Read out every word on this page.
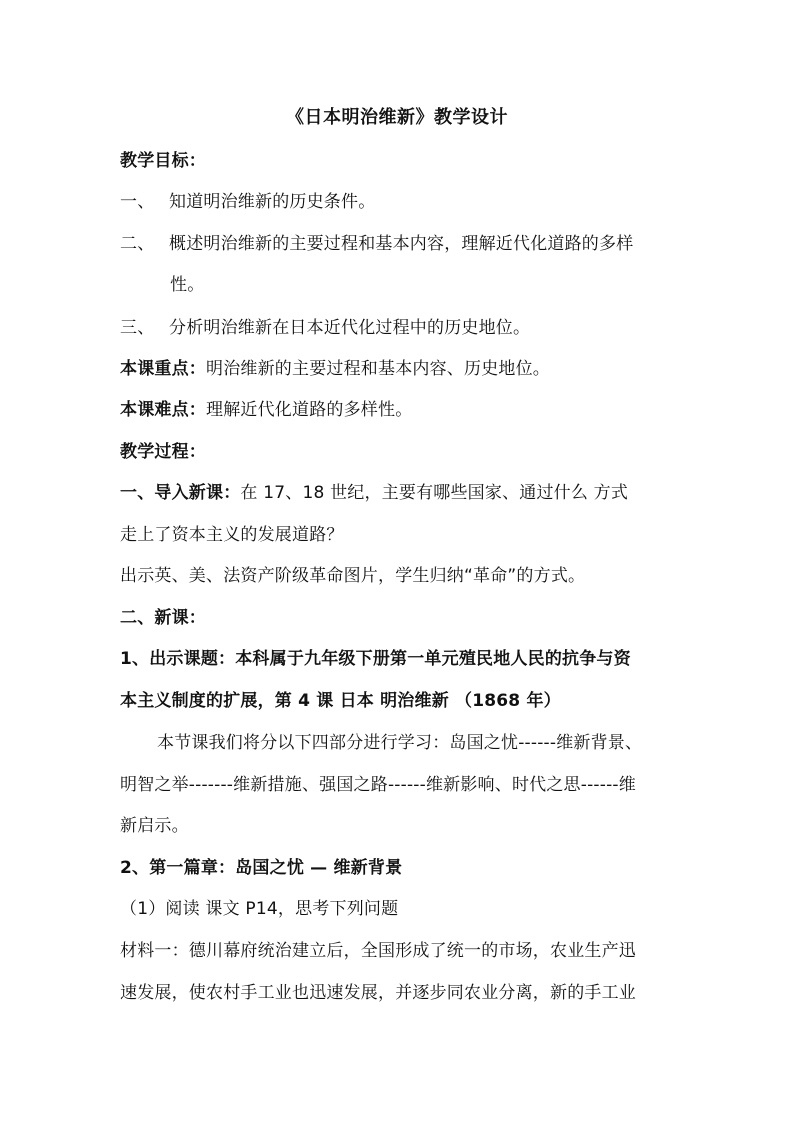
《日本明治维新》教学设计
教学目标：
一、 知道明治维新的历史条件。
二、 概述明治维新的主要过程和基本内容，理解近代化道路的多样
性。
三、 分析明治维新在日本近代化过程中的历史地位。
本课重点：明治维新的主要过程和基本内容、历史地位。
本课难点：理解近代化道路的多样性。
教学过程：
一、导入新课：在 17、18 世纪，主要有哪些国家、通过什么 方式
走上了资本主义的发展道路？
出示英、美、法资产阶级革命图片，学生归纳“革命”的方式。
二、新课：
1、出示课题：本科属于九年级下册第一单元殖民地人民的抗争与资
本主义制度的扩展，第 4 课 日本 明治维新 （1868 年）
本节课我们将分以下四部分进行学习：岛国之忧------维新背景、
明智之举-------维新措施、强国之路------维新影响、时代之思------维
新启示。
2、第一篇章：岛国之忧 — 维新背景
（1）阅读 课文 P14，思考下列问题
材料一：德川幕府统治建立后，全国形成了统一的市场，农业生产迅
速发展，使农村手工业也迅速发展，并逐步同农业分离，新的手工业
